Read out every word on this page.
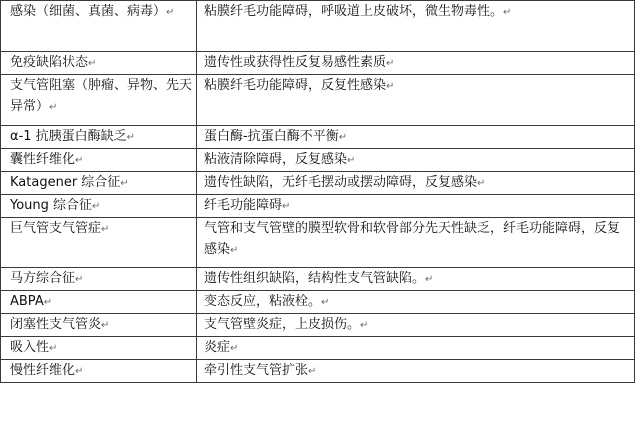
感染（细菌、真菌、病毒）↵	粘膜纤毛功能障碍，呼吸道上皮破坏，微生物毒性。↵
免疫缺陷状态↵	遗传性或获得性反复易感性素质↵
支气管阻塞（肿瘤、异物、先天异常）↵	粘膜纤毛功能障碍，反复性感染↵
α-1 抗胰蛋白酶缺乏↵	蛋白酶-抗蛋白酶不平衡↵
囊性纤维化↵	粘液清除障碍，反复感染↵
Katagener 综合征↵	遗传性缺陷，无纤毛摆动或摆动障碍，反复感染↵
Young 综合征↵	纤毛功能障碍↵
巨气管支气管症↵	气管和支气管壁的膜型软骨和软骨部分先天性缺乏，纤毛功能障碍，反复感染↵
马方综合征↵	遗传性组织缺陷，结构性支气管缺陷。↵
ABPA↵	变态反应，粘液栓。↵
闭塞性支气管炎↵	支气管壁炎症，上皮损伤。↵
吸入性↵	炎症↵
慢性纤维化↵	牵引性支气管扩张↵
